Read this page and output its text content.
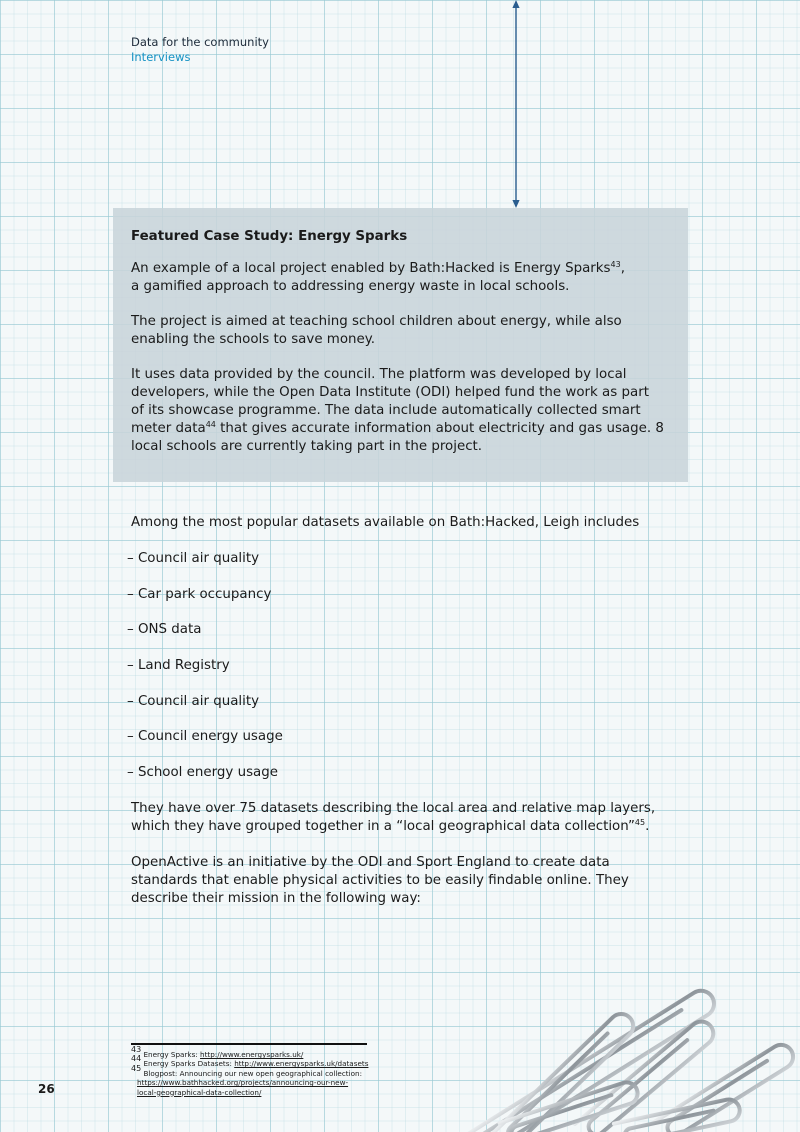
Data for the community
Interviews
Featured Case Study: Energy Sparks

An example of a local project enabled by Bath:Hacked is Energy Sparks$^{43}$,
a gamified approach to addressing energy waste in local schools.

The project is aimed at teaching school children about energy, while also enabling the schools to save money.

It uses data provided by the council. The platform was developed by local developers, while the Open Data Institute (ODI) helped fund the work as part of its showcase programme. The data include automatically collected smart meter data$^{44}$ that gives accurate information about electricity and gas usage. 8 local schools are currently taking part in the project.

Among the most popular datasets available on Bath:Hacked, Leigh includes

– Council air quality
– Car park occupancy
– ONS data
– Land Registry
– Council air quality
– Council energy usage
– School energy usage

They have over 75 datasets describing the local area and relative map layers, which they have grouped together in a “local geographical data collection”$^{45}$.

OpenActive is an initiative by the ODI and Sport England to create data standards that enable physical activities to be easily findable online. They describe their mission in the following way:

$^{43}$ Energy Sparks: http://www.energysparks.uk/
$^{44}$ Energy Sparks Datasets: http://www.energysparks.uk/datasets
$^{45}$ Blogpost: Announcing our new open geographical collection:
https://www.bathhacked.org/projects/announcing-our-new-
local-geographical-data-collection/
26
